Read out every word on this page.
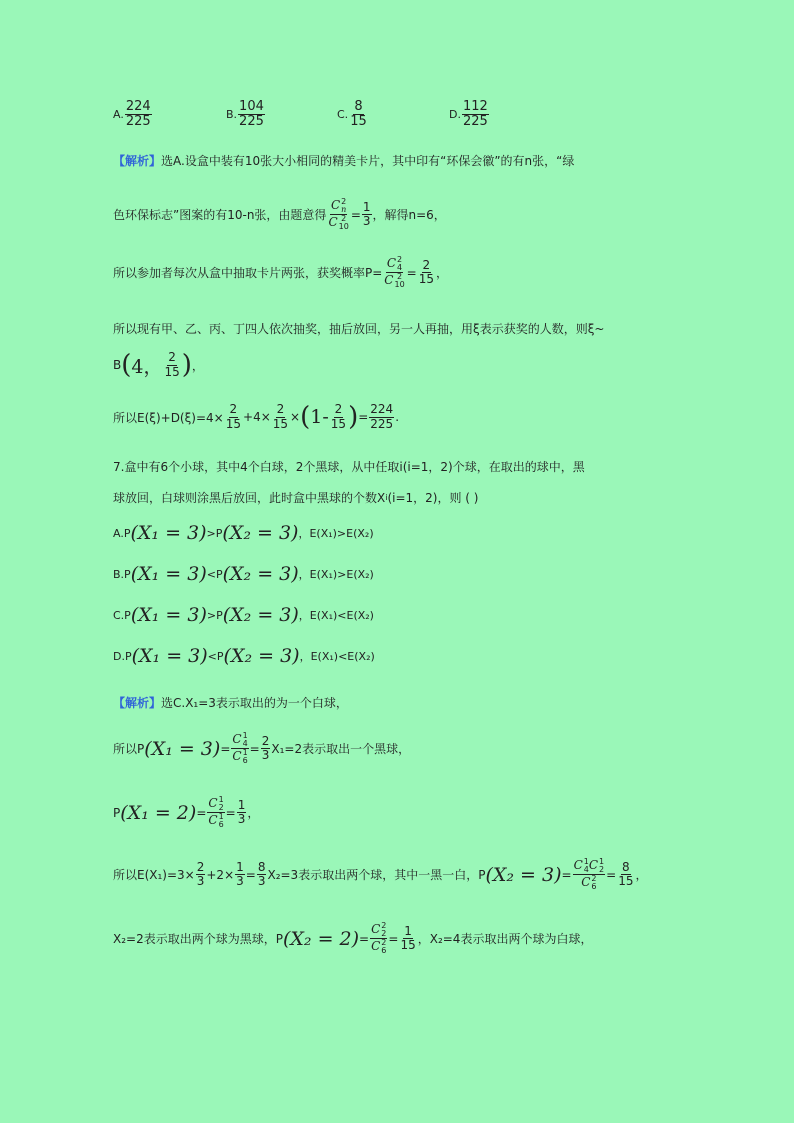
A. $\frac{224}{225}$	B. $\frac{104}{225}$	C. $\frac{8}{15}$	D. $\frac{112}{225}$
【解析】 选A.设盒中装有10张大小相同的精美卡片，其中印有“环保会徽”的有n张，“绿
色环保标志”图案的有10-n张，由题意得 C 2
n
C 2
$10 = \frac{1}{3}$ ，解得n=6，
所以参加者每次从盒中抽取卡片两张，获奖概率P= C 2
4
C 2
$10 = \frac{2}{15}$ ，
所以现有甲、乙、丙、丁四人依次抽奖，抽后放回，另一人再抽，用ξ表示获奖的人数，则ξ~
B ( 4， $\frac{2}{15}$ ) ，
所以$E(\xi)+D(\xi)=4\times \frac{2}{15} +4\times \frac{2}{15}$ × ( $1- \frac{2}{15}$ ) = $\frac{224}{225}$ .
7.盒中有6个小球，其中4个白球，2个黑球，从中任取i(i=1，2)个球，在取出的球中，黑
球放回，白球则涂黑后放回，此时盒中黑球的个数X i (i=1，2)，则 ( )
A.P (X₁ = 3) >P (X₂ = 3) ，E(X₁)>E(X₂)
B.P (X₁ = 3) <P (X₂ = 3) ，E(X₁)>E(X₂)
C.P (X₁ = 3) >P (X₂ = 3) ，E(X₁)<E(X₂)
D.P (X₁ = 3) <P (X₂ = 3) ，E(X₁)<E(X₂)
【解析】 选C.X₁=3表示取出的为一个白球，
所以P (X₁ = 3) = C 1
4
C 1
$6 = \frac{2}{3} X_1=2$表示取出一个黑球，
P (X₁ = 2) = C 1
2
C 1
$6 = \frac{1}{3}$ ，
所以$E(X_1)=3\times \frac{2}{3} +2\times \frac{1}{3} = \frac{8}{3} X_2=3$表示取出两个球，其中一黑一白，P (X₂ = 3) = C 1
4 C 1
2
C 2
$6 = \frac{8}{15}$ ，
X₂=2表示取出两个球为黑球，P (X₂ = 2) = C 2
2
C 2
$6 = \frac{1}{15}$ ，X₂=4表示取出两个球为白球，
